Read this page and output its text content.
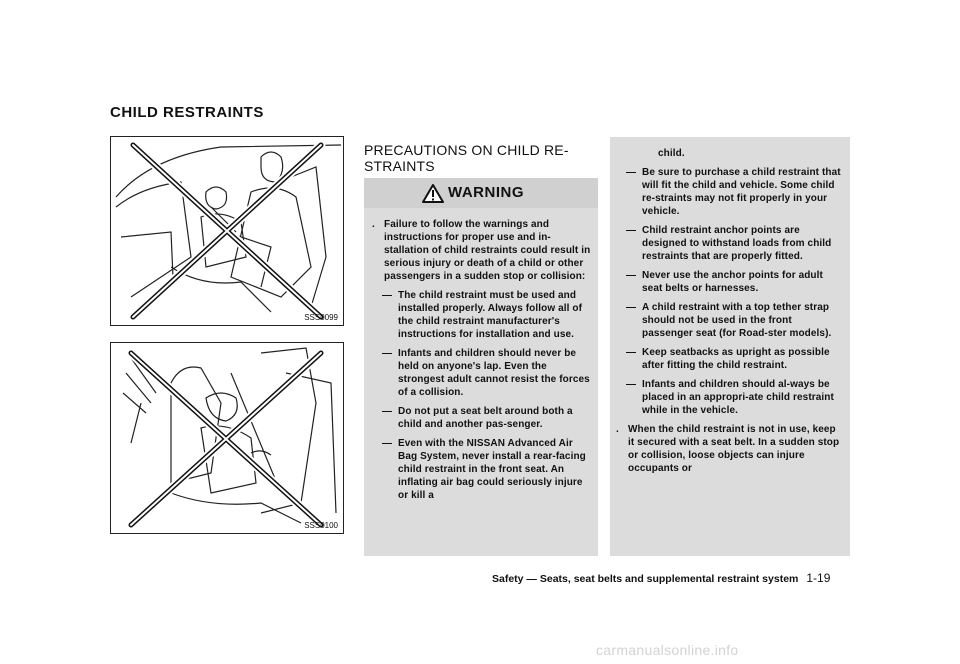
CHILD RESTRAINTS
SSS0099
SSS0100
PRECAUTIONS ON CHILD RE-
STRAINTS
WARNING

. Failure to follow the warnings and instructions for proper use and in-stallation of child restraints could result in serious injury or death of a child or other passengers in a sudden stop or collision:

— The child restraint must be used and installed properly. Always follow all of the child restraint manufacturer's instructions for installation and use.

— Infants and children should never be held on anyone's lap. Even the strongest adult cannot resist the forces of a collision.

— Do not put a seat belt around both a child and another pas-senger.

— Even with the NISSAN Advanced Air Bag System, never install a rear-facing child restraint in the front seat. An inflating air bag could seriously injure or kill a

child.

— Be sure to purchase a child restraint that will fit the child and vehicle. Some child re-straints may not fit properly in your vehicle.

— Child restraint anchor points are designed to withstand loads from child restraints that are properly fitted.

— Never use the anchor points for adult seat belts or harnesses.

— A child restraint with a top tether strap should not be used in the front passenger seat (for Road-ster models).

— Keep seatbacks as upright as possible after fitting the child restraint.

— Infants and children should al-ways be placed in an appropri-ate child restraint while in the vehicle.

. When the child restraint is not in use, keep it secured with a seat belt. In a sudden stop or collision, loose objects can injure occupants or

Safety — Seats, seat belts and supplemental restraint system 1-19
carmanualsonline.info
